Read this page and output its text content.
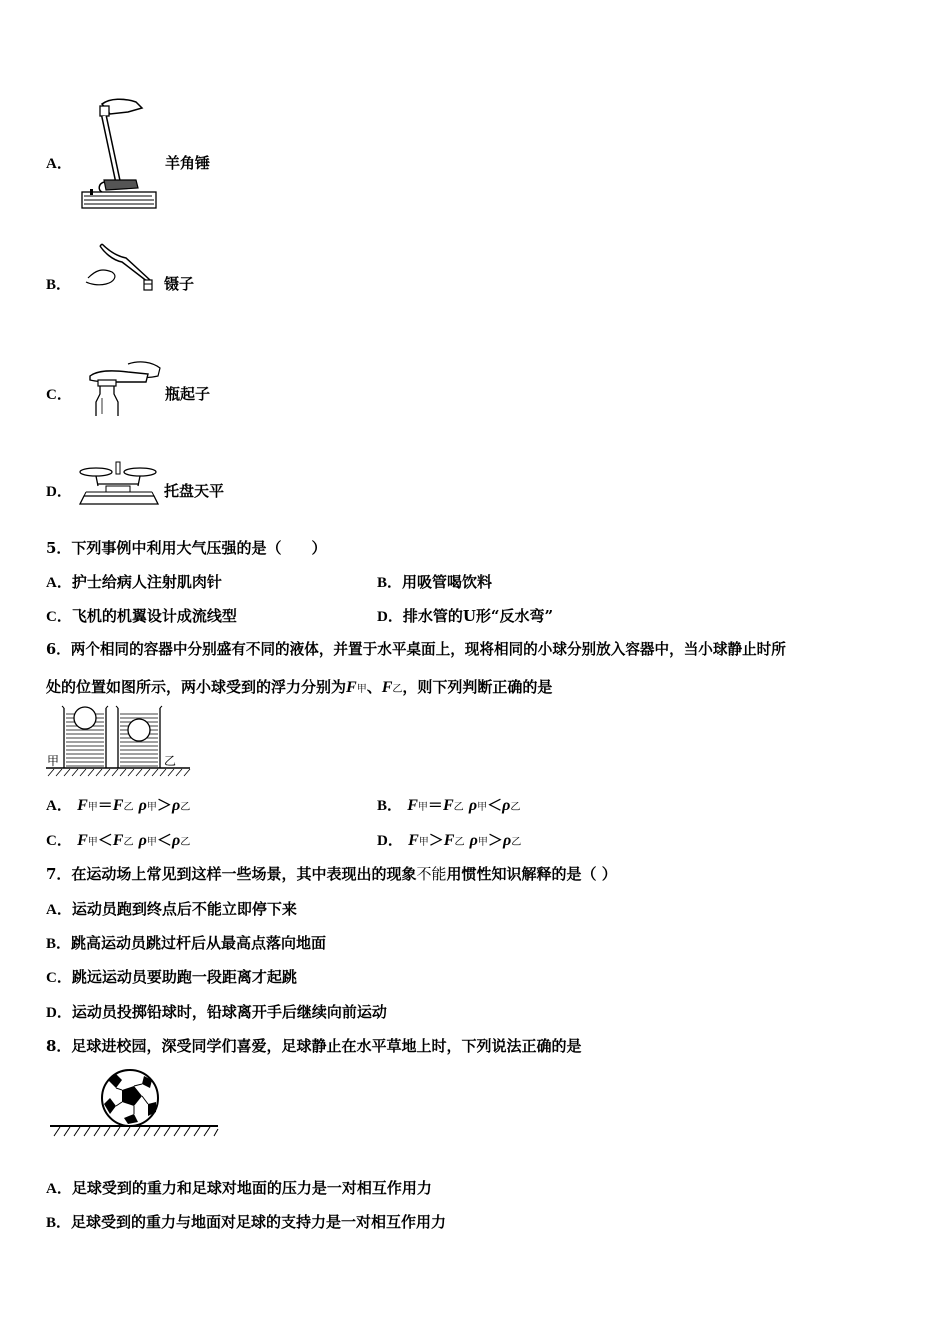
A．	羊角锤
B．	镊子
C．	瓶起子
D．	托盘天平
5．下列事例中利用大气压强的是（　　）
A．护士给病人注射肌肉针	B．用吸管喝饮料
C．飞机的机翼设计成流线型	D．排水管的U形“反水弯”
6．两个相同的容器中分别盛有不同的液体，并置于水平桌面上，现将相同的小球分别放入容器中，当小球静止时所
处的位置如图所示，两小球受到的浮力分别为F甲、F乙，则下列判断正确的是
甲	乙
A． F甲＝F乙 ρ甲＞ρ乙	B． F甲＝F乙 ρ甲＜ρ乙
C． F甲＜F乙 ρ甲＜ρ乙	D． F甲＞F乙 ρ甲＞ρ乙
7．在运动场上常见到这样一些场景，其中表现出的现象不能用惯性知识解释的是（ ）
A．运动员跑到终点后不能立即停下来
B．跳高运动员跳过杆后从最高点落向地面
C．跳远运动员要助跑一段距离才起跳
D．运动员投掷铅球时，铅球离开手后继续向前运动
8．足球进校园，深受同学们喜爱，足球静止在水平草地上时，下列说法正确的是
A．足球受到的重力和足球对地面的压力是一对相互作用力
B．足球受到的重力与地面对足球的支持力是一对相互作用力
